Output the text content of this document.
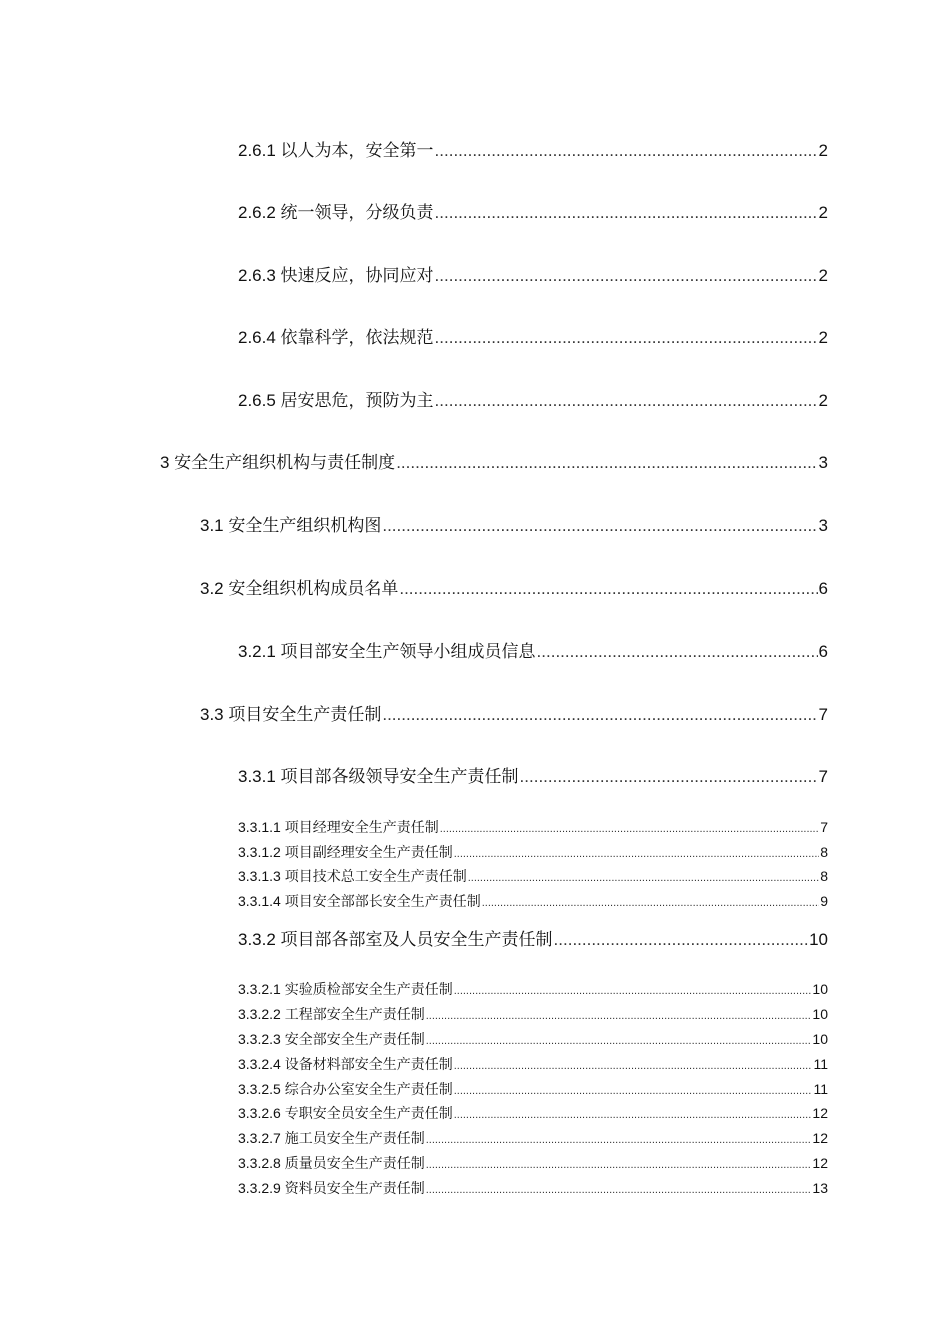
2.6.1 以人为本，安全第一 .....	2
2.6.2 统一领导，分级负责 .....	2
2.6.3 快速反应，协同应对 .....	2
2.6.4 依靠科学，依法规范 .....	2
2.6.5 居安思危，预防为主 .....	2
3 安全生产组织机构与责任制度 .....	3
3.1 安全生产组织机构图 .....	3
3.2 安全组织机构成员名单 .....	6
3.2.1 项目部安全生产领导小组成员信息 .....	6
3.3 项目安全生产责任制 .....	7
3.3.1 项目部各级领导安全生产责任制 .....	7
3.3.1.1 项目经理安全生产责任制 .....	7
3.3.1.2 项目副经理安全生产责任制 .....	8
3.3.1.3 项目技术总工安全生产责任制 .....	8
3.3.1.4 项目安全部部长安全生产责任制 .....	9
3.3.2 项目部各部室及人员安全生产责任制 .....	10
3.3.2.1 实验质检部安全生产责任制 .....	10
3.3.2.2 工程部安全生产责任制 .....	10
3.3.2.3 安全部安全生产责任制 .....	10
3.3.2.4 设备材料部安全生产责任制 .....	11
3.3.2.5 综合办公室安全生产责任制 .....	11
3.3.2.6 专职安全员安全生产责任制 .....	12
3.3.2.7 施工员安全生产责任制 .....	12
3.3.2.8 质量员安全生产责任制 .....	12
3.3.2.9 资料员安全生产责任制 .....	13
